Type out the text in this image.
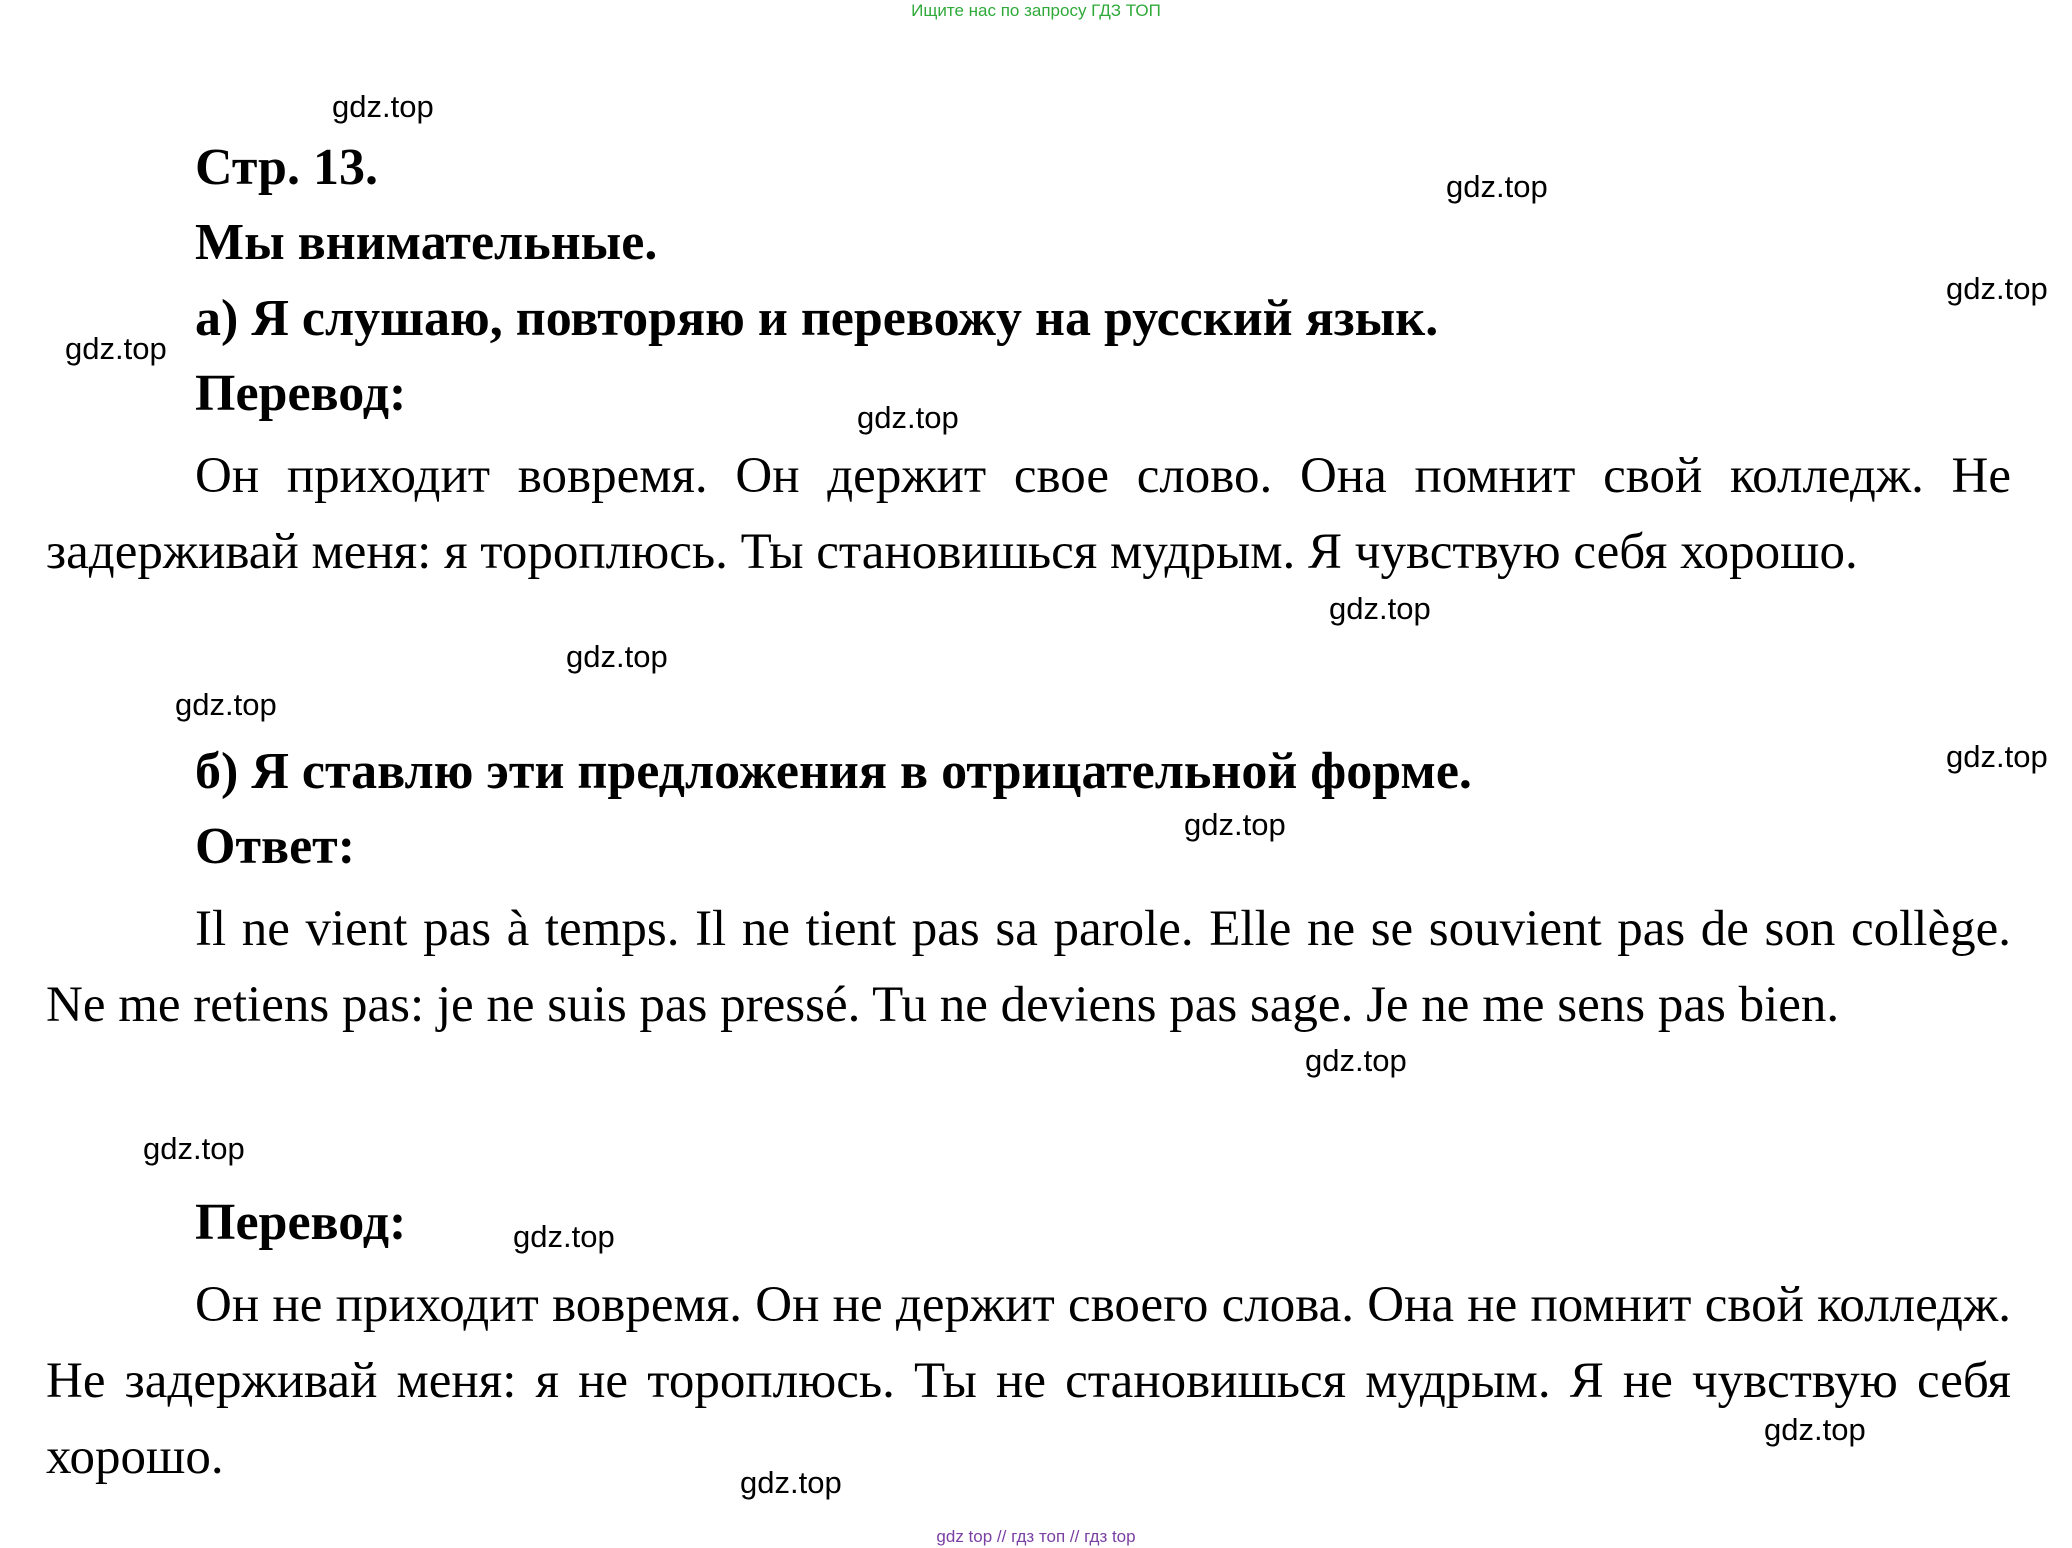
Ищите нас по запросу ГДЗ ТОП
Стр. 13.
Мы внимательные.
а) Я слушаю, повторяю и перевожу на русский язык.
Перевод:

Он приходит вовремя. Он держит свое слово. Она помнит свой колледж. Не задерживай меня: я тороплюсь. Ты становишься мудрым. Я чувствую себя хорошо.

б) Я ставлю эти предложения в отрицательной форме.
Ответ:

Il ne vient pas à temps. Il ne tient pas sa parole. Elle ne se souvient pas de son collège. Ne me retiens pas: je ne suis pas pressé. Tu ne deviens pas sage. Je ne me sens pas bien.

Перевод:

Он не приходит вовремя. Он не держит своего слова. Она не помнит свой колледж. Не задерживай меня: я не тороплюсь. Ты не становишься мудрым. Я не чувствую себя хорошо.

gdz.top
gdz.top
gdz.top
gdz.top
gdz.top
gdz.top
gdz.top
gdz.top
gdz.top
gdz.top
gdz.top
gdz.top
gdz.top
gdz.top
gdz.top
gdz top // гдз топ // гдз top
